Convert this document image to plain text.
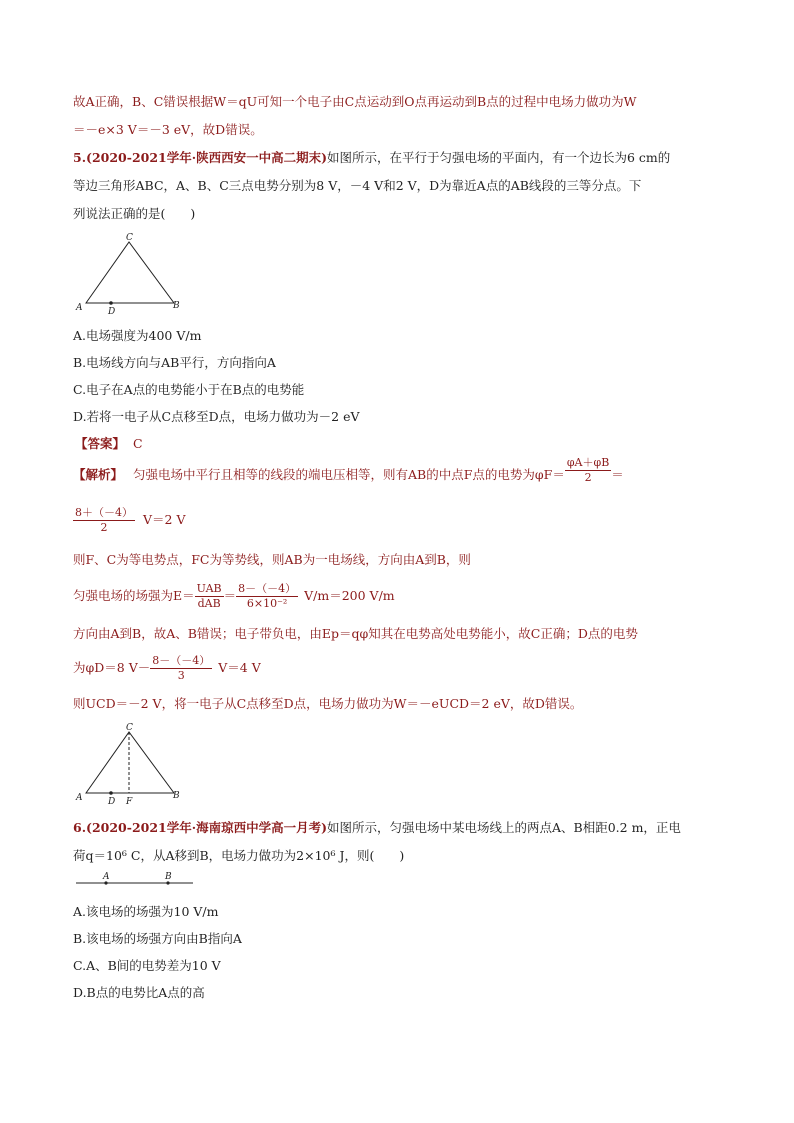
故A正确，B、C错误根据W＝qU可知一个电子由C点运动到O点再运动到B点的过程中电场力做功为W
＝－e×3 V＝－3 eV，故D错误。
5.(2020-2021学年·陕西西安一中高二期末)如图所示，在平行于匀强电场的平面内，有一个边长为6 cm的
等边三角形ABC，A、B、C三点电势分别为8 V，－4 V和2 V，D为靠近A点的AB线段的三等分点。下
列说法正确的是(　　)
C
A	B
D
A.电场强度为400 V/m
B.电场线方向与AB平行，方向指向A
C.电子在A点的电势能小于在B点的电势能
D.若将一电子从C点移至D点，电场力做功为－2 eV
【答案】 C
【解析】 匀强电场中平行且相等的线段的端电压相等，则有AB的中点F点的电势为$\varphi F= \frac{\varphi A+\varphi B}{2}$ ＝
$\frac{8+(-4)}{2} V=2$ V
则F、C为等电势点，FC为等势线，则AB为一电场线，方向由A到B，则
匀强电场的场强为$E= \frac{\text{UAB}}{\text{dAB}} = \frac{8-(-4)}{\text{6×10⁻²}} V/m=200$ V/m
方向由A到B，故A、B错误；电子带负电，由Ep＝qφ知其在电势高处电势能小，故C正确；D点的电势
为φD＝8 $V- \frac{8-(-4)}{3} V=4$ V
则UCD＝－2 V，将一电子从C点移至D点，电场力做功为W＝－eUCD＝2 eV，故D错误。
C
A	B
D F
6.(2020-2021学年·海南琼西中学高一月考)如图所示，匀强电场中某电场线上的两点A、B相距0.2 m，正电
荷q＝10⁶ C，从A移到B，电场力做功为2×10⁶ J，则(　　)
A	B
A.该电场的场强为10 V/m
B.该电场的场强方向由B指向A
C.A、B间的电势差为10 V
D.B点的电势比A点的高
